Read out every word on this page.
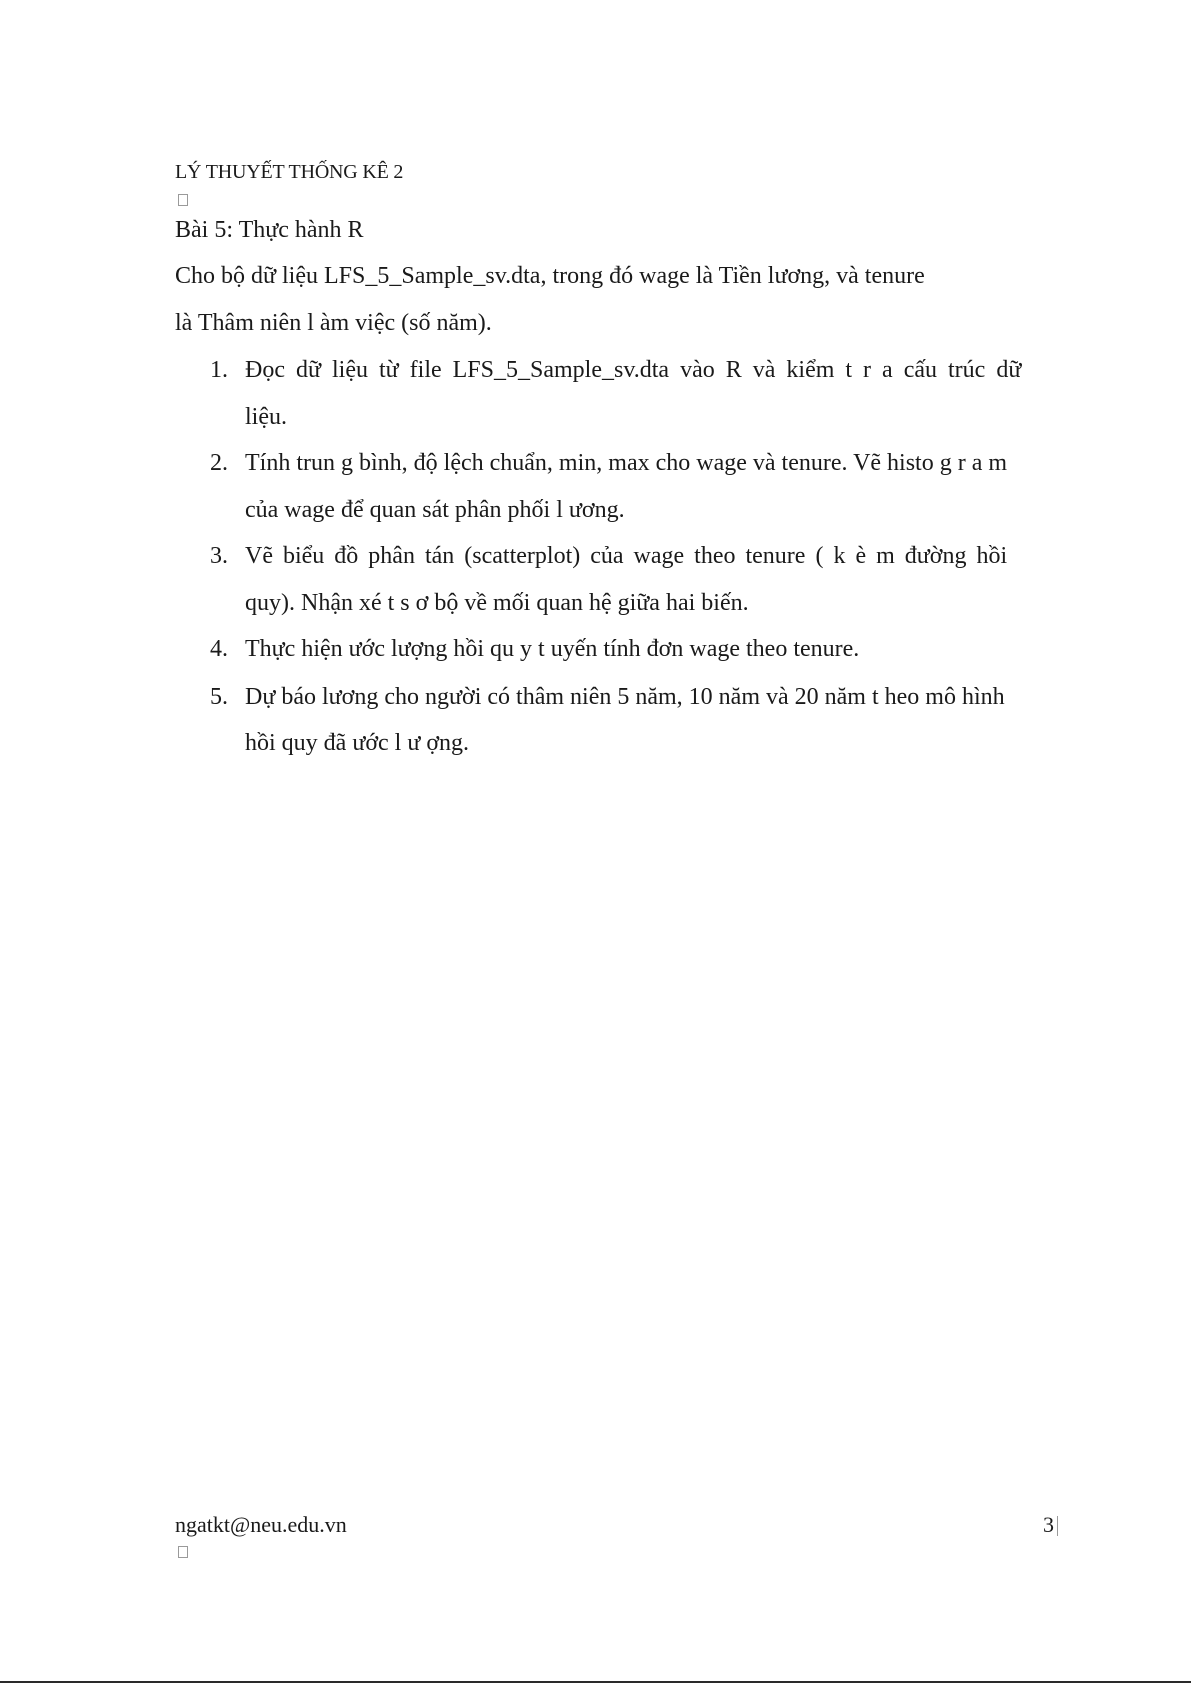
LÝ THUYẾT THỐNG KÊ 2
Bài 5: Thực hành R
Cho bộ dữ liệu LFS_5_Sample_sv.dta, trong đó wage là Tiền lương, và tenure
là Thâm niên l àm việc (số năm).
1. Đọc dữ liệu từ file LFS_5_Sample_sv.dta vào R và kiểm t r a cấu trúc dữ
liệu.
2. Tính trun g bình, độ lệch chuẩn, min, max cho wage và tenure. Vẽ histo g r a m
của wage để quan sát phân phối l ương.
3. Vẽ biểu đồ phân tán (scatterplot) của wage theo tenure ( k è m đường hồi
quy). Nhận xé t s ơ bộ về mối quan hệ giữa hai biến.
4. Thực hiện ước lượng hồi qu y t uyến tính đơn wage theo tenure.
5. Dự báo lương cho người có thâm niên 5 năm, 10 năm và 20 năm t heo mô hình
hồi quy đã ước l ư ợng.
ngatkt@neu.edu.vn	3
